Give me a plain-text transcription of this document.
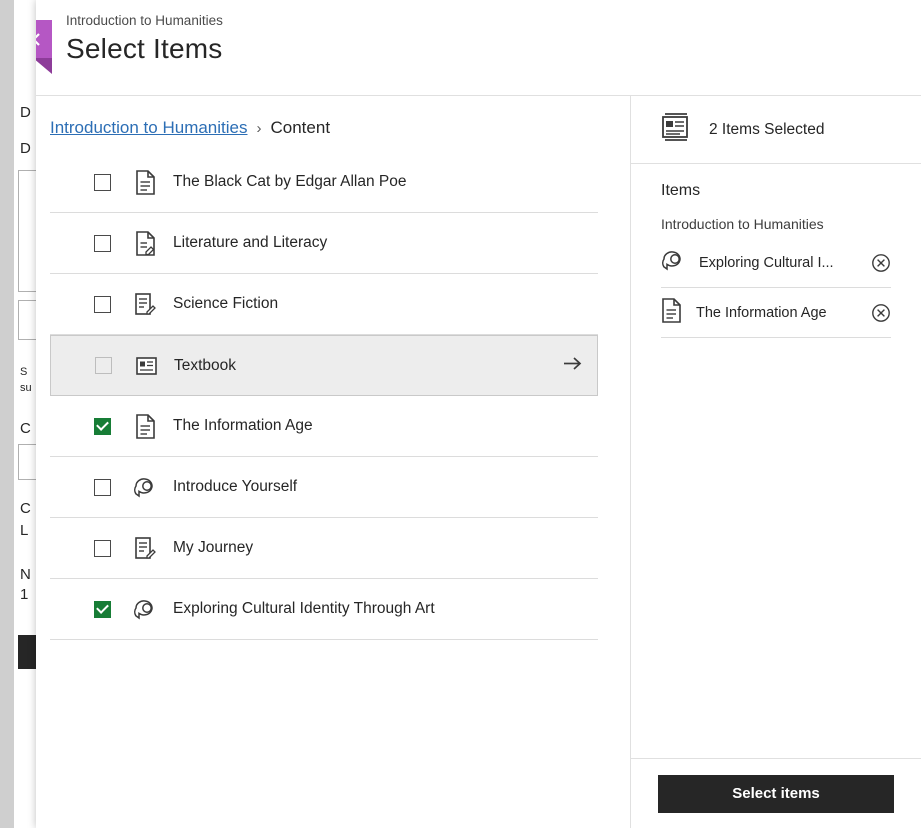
D
D
S
su
C
C
L
N
1
Introduction to Humanities
Select Items
Introduction to Humanities › Content
The Black Cat by Edgar Allan Poe
Literature and Literacy
Science Fiction
Textbook
The Information Age
Introduce Yourself
My Journey
Exploring Cultural Identity Through Art
2 Items Selected
Items
Introduction to Humanities
Exploring Cultural I...
The Information Age
Select items
